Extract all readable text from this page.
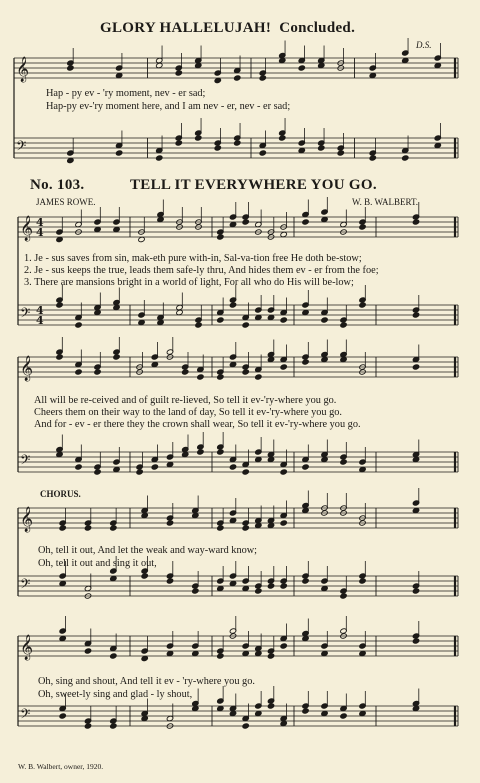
𝄞
𝄢
𝄞
𝄢
𝄞
𝄢
𝄞
𝄢
𝄞
𝄢
4
4
4
4
GLORY HALLELUJAH! Concluded.
D.S.
Hap - py ev - 'ry moment, nev - er sad;
Hap-py ev-'ry moment here, and I am nev - er, nev - er sad;
No. 103.	TELL IT EVERYWHERE YOU GO.
JAMES ROWE.	W. B. WALBERT.
1. Je - sus saves from sin, mak-eth pure with-in, Sal-va-tion free He doth be-stow;
2. Je - sus keeps the true, leads them safe-ly thru, And hides them ev - er from the foe;
3. There are mansions bright in a world of light, For all who do His will be-low;
All will be re-ceived and of guilt re-lieved, So tell it ev-'ry-where you go.
Cheers them on their way to the land of day, So tell it ev-'ry-where you go.
And for - ev - er there they the crown shall wear, So tell it ev-'ry-where you go.
CHORUS.
Oh, tell it out, And let the weak and way-ward know;
Oh, tell it out and sing it out,
Oh, sing and shout, And tell it ev - 'ry-where you go.
Oh, sweet-ly sing and glad - ly shout,
W. B. Walbert, owner, 1920.
